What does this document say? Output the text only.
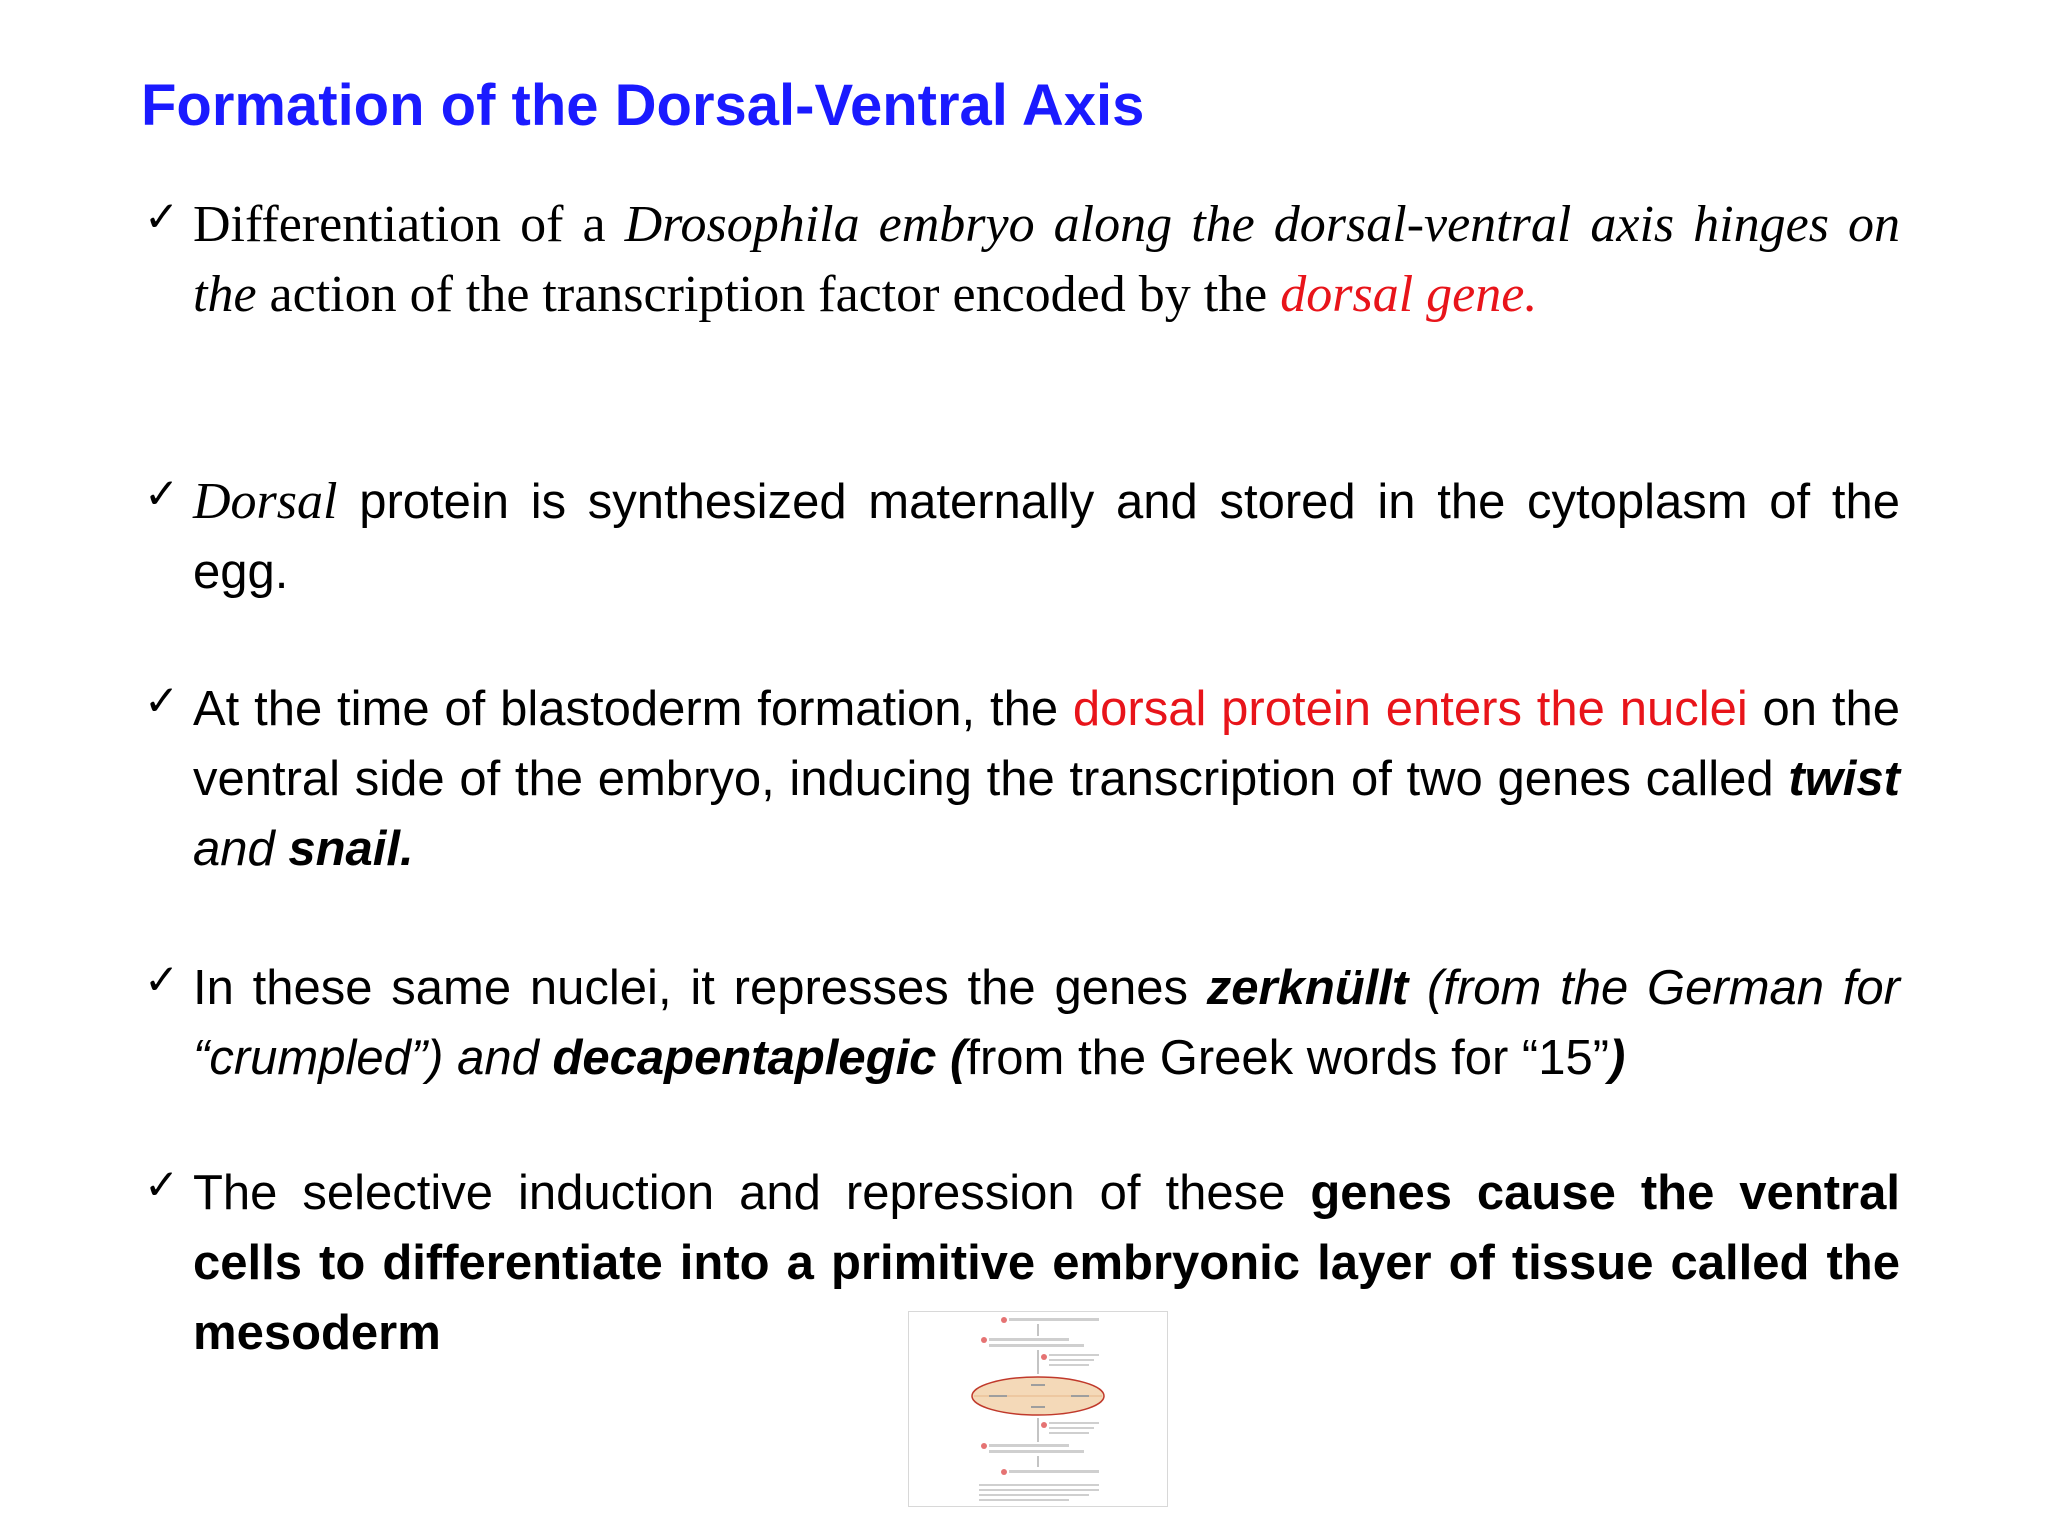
Formation of the Dorsal-Ventral Axis
✓ Differentiation of a Drosophila embryo along the dorsal-ventral axis hinges on the action of the transcription factor encoded by the dorsal gene.
✓ Dorsal protein is synthesized maternally and stored in the cytoplasm of the egg.
✓ At the time of blastoderm formation, the dorsal protein enters the nuclei on the ventral side of the embryo, inducing the transcription of two genes called twist and snail.
✓ In these same nuclei, it represses the genes zerknüllt (from the German for “crumpled”) and decapentaplegic (from the Greek words for “15”)
✓ The selective induction and repression of these genes cause the ventral cells to differentiate into a primitive embryonic layer of tissue called the mesoderm
